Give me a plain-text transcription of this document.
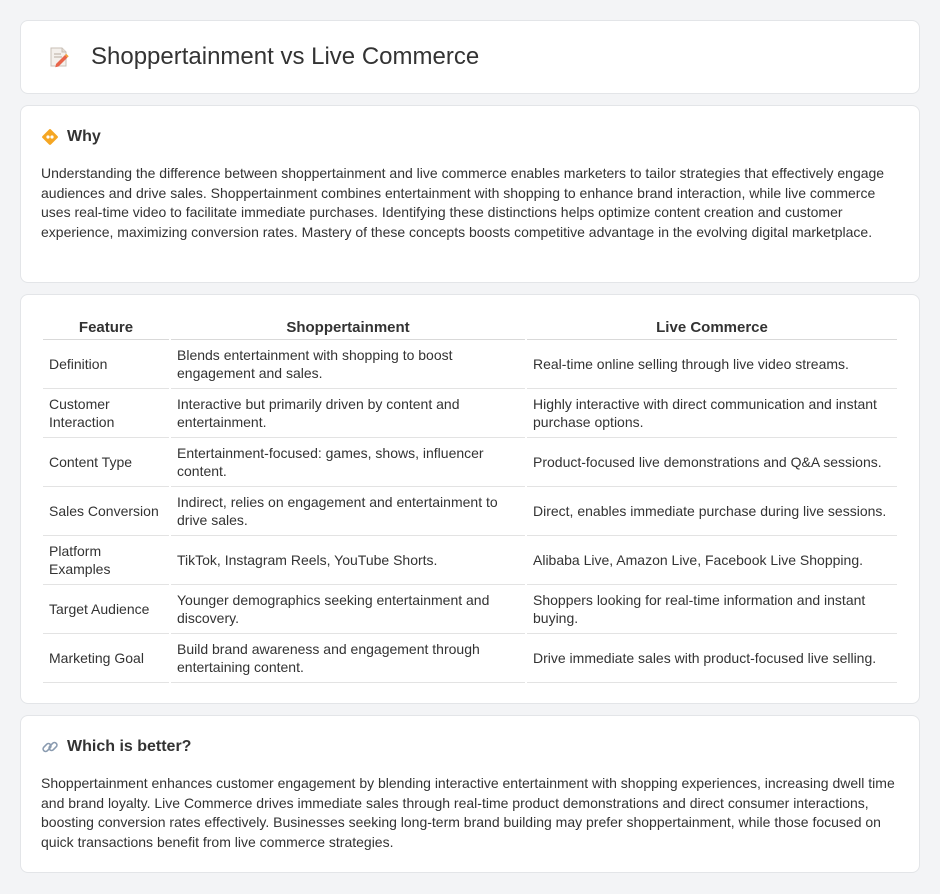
Shoppertainment vs Live Commerce
Why

Understanding the difference between shoppertainment and live commerce enables marketers to tailor strategies that effectively engage audiences and drive sales. Shoppertainment combines entertainment with shopping to enhance brand interaction, while live commerce uses real-time video to facilitate immediate purchases. Identifying these distinctions helps optimize content creation and customer experience, maximizing conversion rates. Mastery of these concepts boosts competitive advantage in the evolving digital marketplace.

Feature	Shoppertainment	Live Commerce
Definition	Blends entertainment with shopping to boost engagement and sales.	Real-time online selling through live video streams.
Customer Interaction	Interactive but primarily driven by content and entertainment.	Highly interactive with direct communication and instant purchase options.
Content Type	Entertainment-focused: games, shows, influencer content.	Product-focused live demonstrations and Q&A sessions.
Sales Conversion	Indirect, relies on engagement and entertainment to drive sales.	Direct, enables immediate purchase during live sessions.
Platform Examples	TikTok, Instagram Reels, YouTube Shorts.	Alibaba Live, Amazon Live, Facebook Live Shopping.
Target Audience	Younger demographics seeking entertainment and discovery.	Shoppers looking for real-time information and instant buying.
Marketing Goal	Build brand awareness and engagement through entertaining content.	Drive immediate sales with product-focused live selling.
Which is better?

Shoppertainment enhances customer engagement by blending interactive entertainment with shopping experiences, increasing dwell time and brand loyalty. Live Commerce drives immediate sales through real-time product demonstrations and direct consumer interactions, boosting conversion rates effectively. Businesses seeking long-term brand building may prefer shoppertainment, while those focused on quick transactions benefit from live commerce strategies.
